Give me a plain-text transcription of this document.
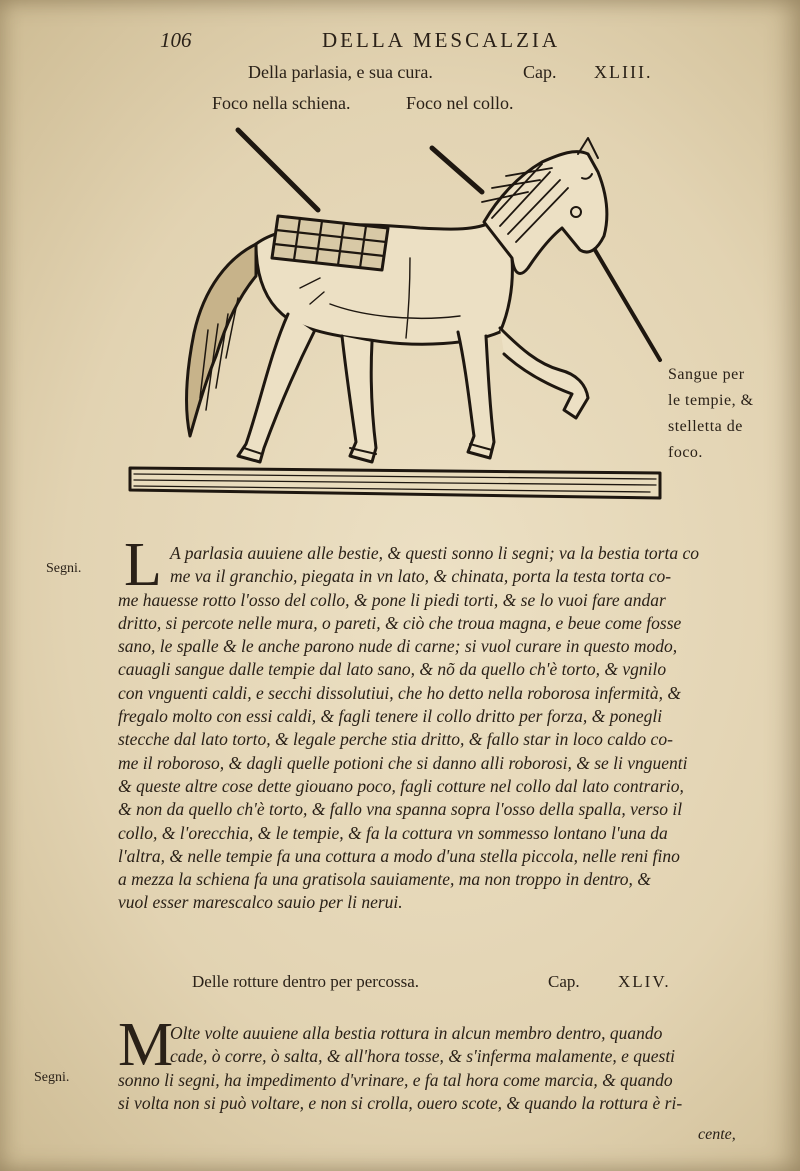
106	DELLA MESCALZIA
Della parlasia, e sua cura.	Cap. XLIII.
Foco nella schiena.	Foco nel collo.
Sangue per
le tempie, &
stelletta de
foco.
Segni. L A parlasia auuiene alle bestie, & questi sonno li segni; va la bestia torta co
me va il granchio, piegata in vn lato, & chinata, porta la testa torta co-
me hauesse rotto l'osso del collo, & pone li piedi torti, & se lo vuoi fare andar
dritto, si percote nelle mura, o pareti, & ciò che troua magna, e beue come fosse
sano, le spalle & le anche parono nude di carne; si vuol curare in questo modo,
cauagli sangue dalle tempie dal lato sano, & nõ da quello ch'è torto, & vgnilo
con vnguenti caldi, e secchi dissolutiui, che ho detto nella roborosa infermità, &
fregalo molto con essi caldi, & fagli tenere il collo dritto per forza, & ponegli
stecche dal lato torto, & legale perche stia dritto, & fallo star in loco caldo co-
me il roboroso, & dagli quelle potioni che si danno alli roborosi, & se li vnguenti
& queste altre cose dette giouano poco, fagli cotture nel collo dal lato contrario,
& non da quello ch'è torto, & fallo vna spanna sopra l'osso della spalla, verso il
collo, & l'orecchia, & le tempie, & fa la cottura vn sommesso lontano l'una da
l'altra, & nelle tempie fa una cottura a modo d'una stella piccola, nelle reni fino
a mezza la schiena fa una gratisola sauiamente, ma non troppo in dentro, &
vuol esser marescalco sauio per li nerui.
Delle rotture dentro per percossa.	Cap. XLIV.
M
Segni.
Olte volte auuiene alla bestia rottura in alcun membro dentro, quando
cade, ò corre, ò salta, & all'hora tosse, & s'inferma malamente, e questi
sonno li segni, ha impedimento d'vrinare, e fa tal hora come marcia, & quando
si volta non si può voltare, e non si crolla, ouero scote, & quando la rottura è ri-
cente,
